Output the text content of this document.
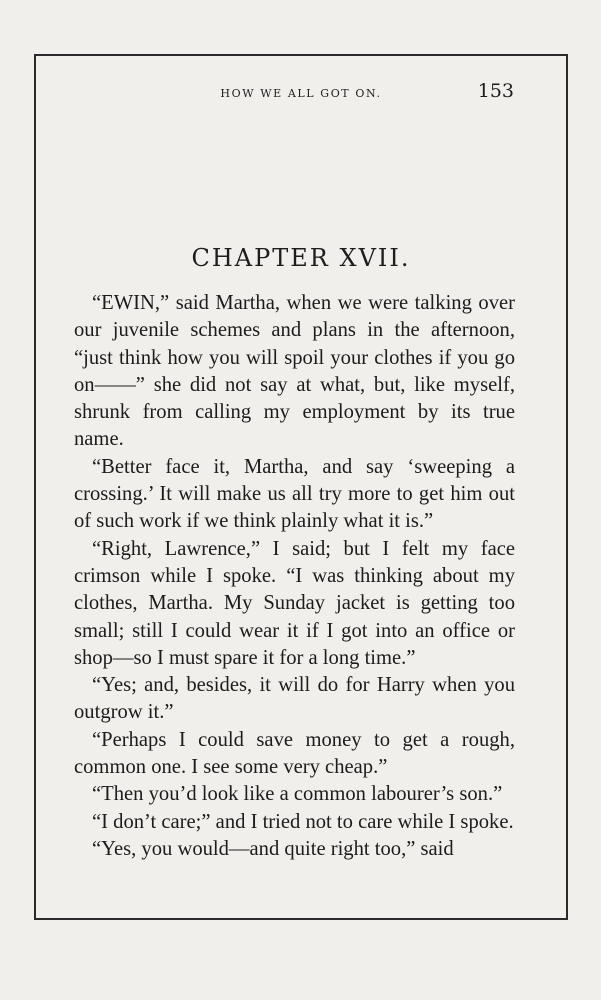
HOW WE ALL GOT ON.	153
CHAPTER XVII.

“EWIN,” said Martha, when we were talking over our juvenile schemes and plans in the afternoon, “just think how you will spoil your clothes if you go on——” she did not say at what, but, like myself, shrunk from calling my employment by its true name.

“Better face it, Martha, and say ‘sweeping a crossing.’ It will make us all try more to get him out of such work if we think plainly what it is.”

“Right, Lawrence,” I said; but I felt my face crimson while I spoke. “I was thinking about my clothes, Martha. My Sunday jacket is getting too small; still I could wear it if I got into an office or shop—so I must spare it for a long time.”

“Yes; and, besides, it will do for Harry when you outgrow it.”

“Perhaps I could save money to get a rough, common one. I see some very cheap.”

“Then you’d look like a common labourer’s son.”

“I don’t care;” and I tried not to care while I spoke.

“Yes, you would—and quite right too,” said
